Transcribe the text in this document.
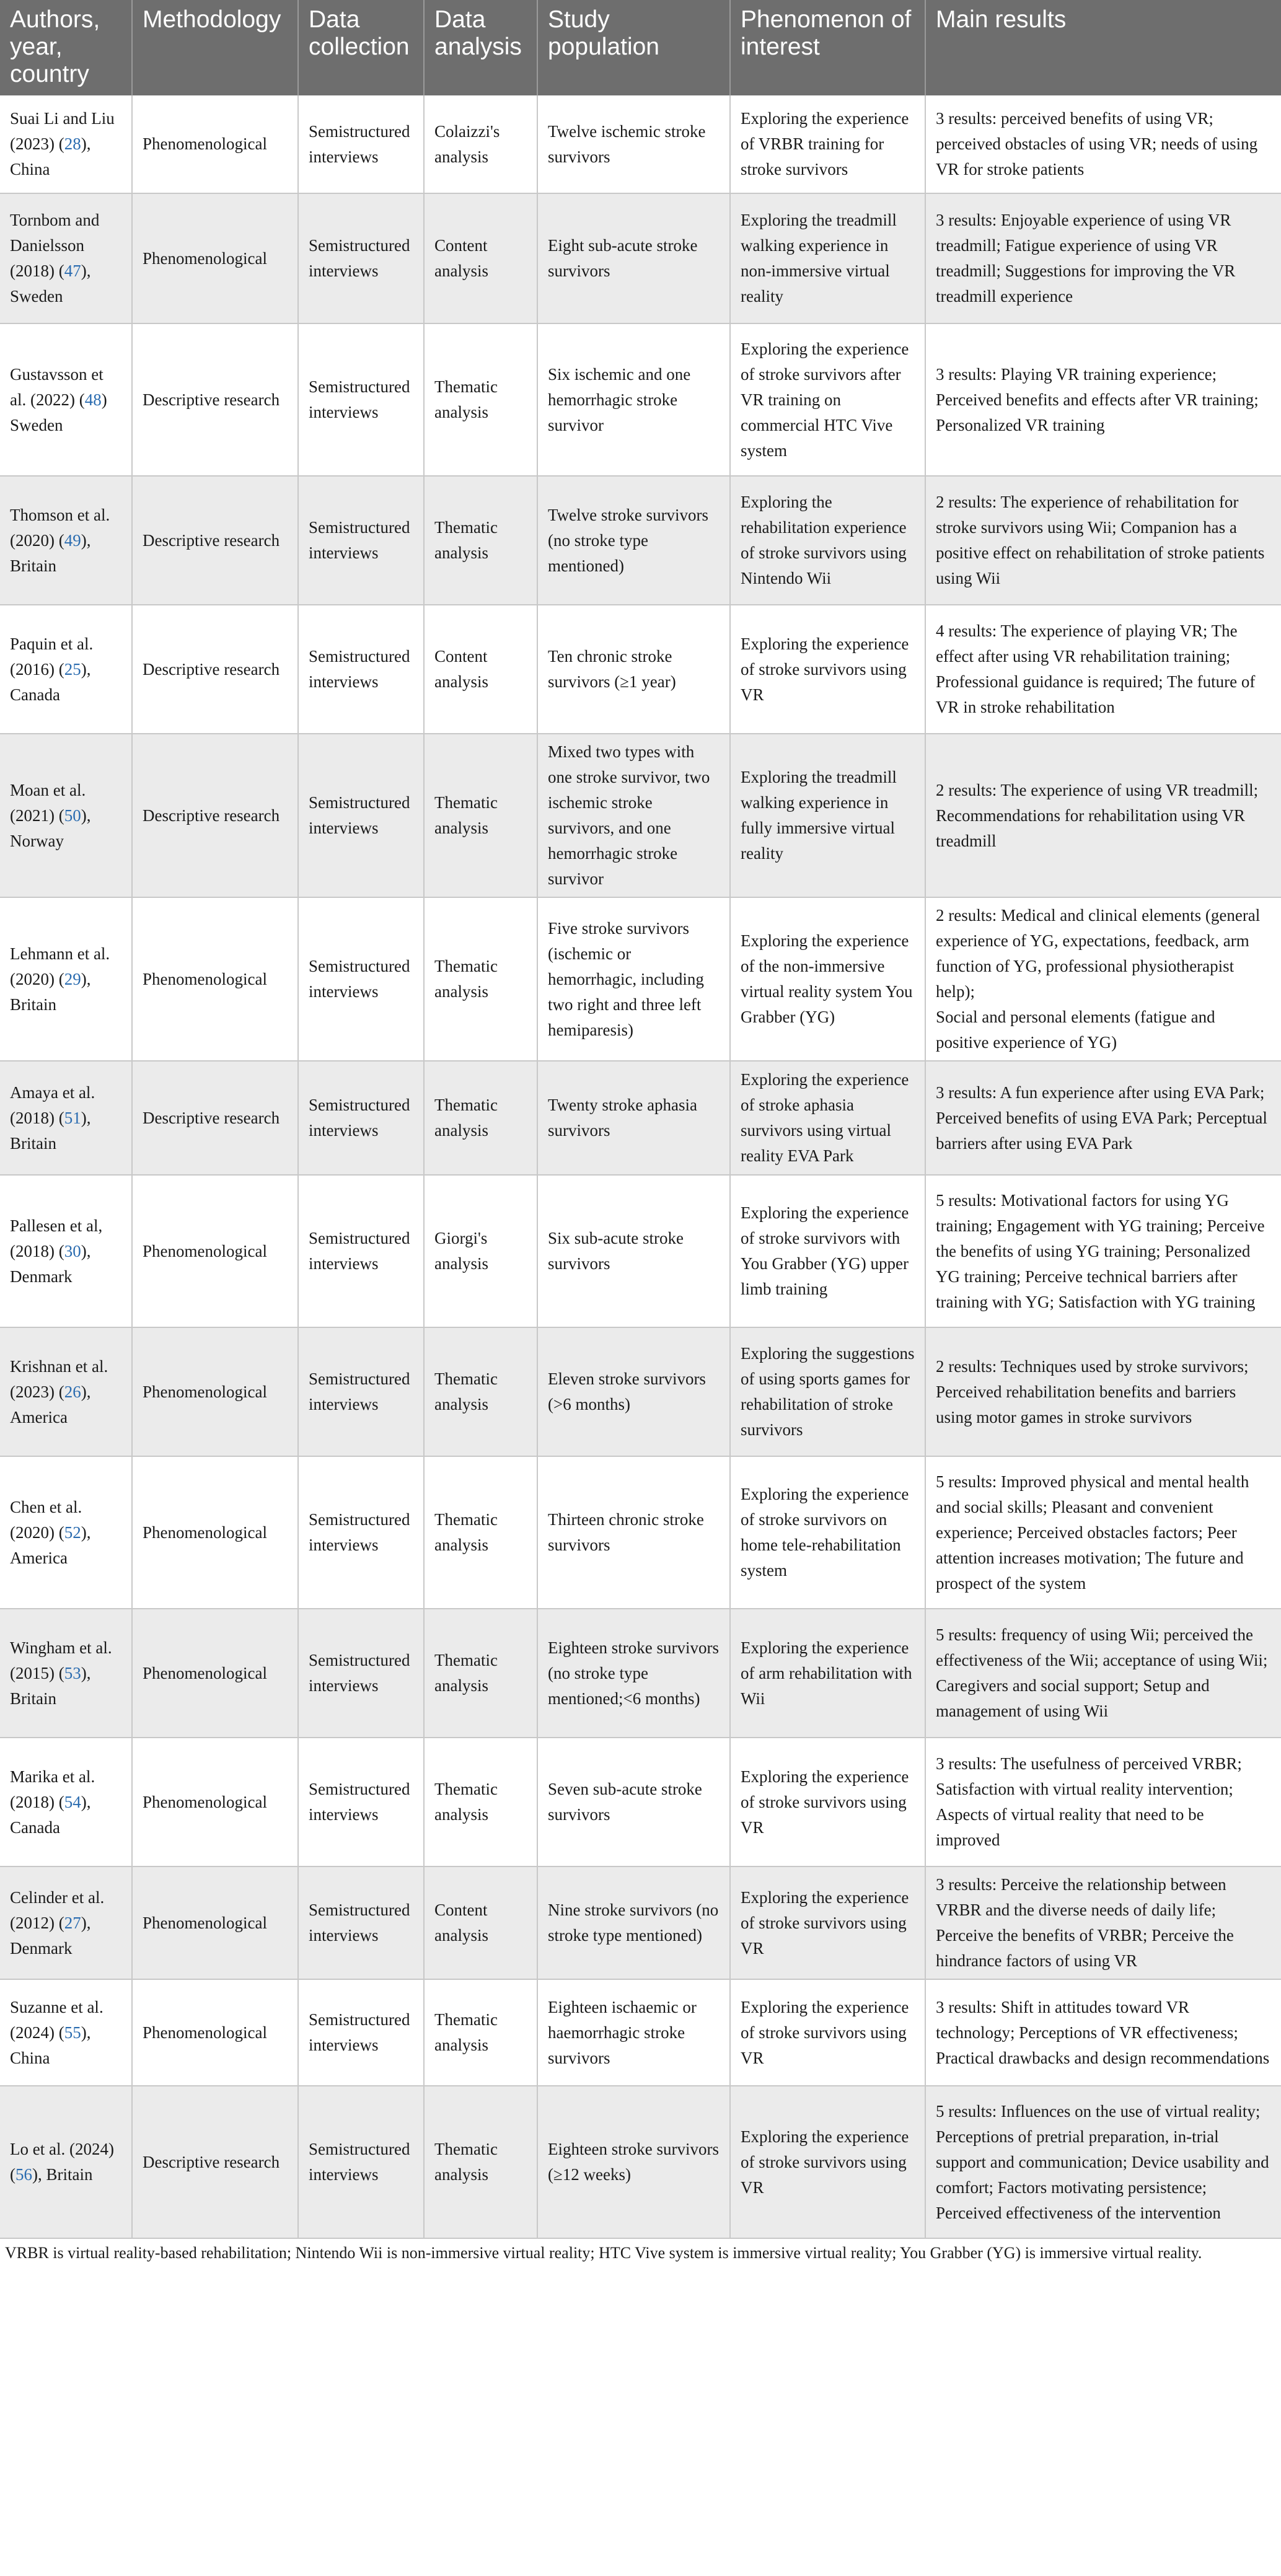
Authors, year, country	Methodology	Data collection	Data analysis	Study population	Phenomenon of interest	Main results
Suai Li and Liu (2023) (28), China	Phenomenological	Semistructured interviews	Colaizzi's analysis	Twelve ischemic stroke survivors	Exploring the experience of VRBR training for stroke survivors	3 results: perceived benefits of using VR; perceived obstacles of using VR; needs of using VR for stroke patients
Tornbom and Danielsson (2018) (47), Sweden	Phenomenological	Semistructured interviews	Content analysis	Eight sub-acute stroke survivors	Exploring the treadmill walking experience in non-immersive virtual reality	3 results: Enjoyable experience of using VR treadmill; Fatigue experience of using VR treadmill; Suggestions for improving the VR treadmill experience
Gustavsson et al. (2022) (48) Sweden	Descriptive research	Semistructured interviews	Thematic analysis	Six ischemic and one hemorrhagic stroke survivor	Exploring the experience of stroke survivors after VR training on commercial HTC Vive system	3 results: Playing VR training experience; Perceived benefits and effects after VR training; Personalized VR training
Thomson et al. (2020) (49), Britain	Descriptive research	Semistructured interviews	Thematic analysis	Twelve stroke survivors (no stroke type mentioned)	Exploring the rehabilitation experience of stroke survivors using Nintendo Wii	2 results: The experience of rehabilitation for stroke survivors using Wii; Companion has a positive effect on rehabilitation of stroke patients using Wii
Paquin et al. (2016) (25), Canada	Descriptive research	Semistructured interviews	Content analysis	Ten chronic stroke survivors (≥1 year)	Exploring the experience of stroke survivors using VR	4 results: The experience of playing VR; The effect after using VR rehabilitation training; Professional guidance is required; The future of VR in stroke rehabilitation
Moan et al. (2021) (50), Norway	Descriptive research	Semistructured interviews	Thematic analysis	Mixed two types with one stroke survivor, two ischemic stroke survivors, and one hemorrhagic stroke survivor	Exploring the treadmill walking experience in fully immersive virtual reality	2 results: The experience of using VR treadmill; Recommendations for rehabilitation using VR treadmill
Lehmann et al. (2020) (29), Britain	Phenomenological	Semistructured interviews	Thematic analysis	Five stroke survivors (ischemic or hemorrhagic, including two right and three left hemiparesis)	Exploring the experience of the non-immersive virtual reality system You Grabber (YG)	2 results: Medical and clinical elements (general experience of YG, expectations, feedback, arm function of YG, professional physiotherapist help);
Social and personal elements (fatigue and positive experience of YG)
Amaya et al. (2018) (51), Britain	Descriptive research	Semistructured interviews	Thematic analysis	Twenty stroke aphasia survivors	Exploring the experience of stroke aphasia survivors using virtual reality EVA Park	3 results: A fun experience after using EVA Park; Perceived benefits of using EVA Park; Perceptual barriers after using EVA Park
Pallesen et al, (2018) (30), Denmark	Phenomenological	Semistructured interviews	Giorgi's analysis	Six sub-acute stroke survivors	Exploring the experience of stroke survivors with You Grabber (YG) upper limb training	5 results: Motivational factors for using YG training; Engagement with YG training; Perceive the benefits of using YG training; Personalized YG training; Perceive technical barriers after training with YG; Satisfaction with YG training
Krishnan et al. (2023) (26), America	Phenomenological	Semistructured interviews	Thematic analysis	Eleven stroke survivors (>6 months)	Exploring the suggestions of using sports games for rehabilitation of stroke survivors	2 results: Techniques used by stroke survivors; Perceived rehabilitation benefits and barriers using motor games in stroke survivors
Chen et al. (2020) (52), America	Phenomenological	Semistructured interviews	Thematic analysis	Thirteen chronic stroke survivors	Exploring the experience of stroke survivors on home tele-rehabilitation system	5 results: Improved physical and mental health and social skills; Pleasant and convenient experience; Perceived obstacles factors; Peer attention increases motivation; The future and prospect of the system
Wingham et al. (2015) (53), Britain	Phenomenological	Semistructured interviews	Thematic analysis	Eighteen stroke survivors (no stroke type mentioned;<6 months)	Exploring the experience of arm rehabilitation with Wii	5 results: frequency of using Wii; perceived the effectiveness of the Wii; acceptance of using Wii; Caregivers and social support; Setup and management of using Wii
Marika et al. (2018) (54), Canada	Phenomenological	Semistructured interviews	Thematic analysis	Seven sub-acute stroke survivors	Exploring the experience of stroke survivors using VR	3 results: The usefulness of perceived VRBR; Satisfaction with virtual reality intervention; Aspects of virtual reality that need to be improved
Celinder et al. (2012) (27), Denmark	Phenomenological	Semistructured interviews	Content analysis	Nine stroke survivors (no stroke type mentioned)	Exploring the experience of stroke survivors using VR	3 results: Perceive the relationship between VRBR and the diverse needs of daily life; Perceive the benefits of VRBR; Perceive the hindrance factors of using VR
Suzanne et al. (2024) (55), China	Phenomenological	Semistructured interviews	Thematic analysis	Eighteen ischaemic or haemorrhagic stroke survivors	Exploring the experience of stroke survivors using VR	3 results: Shift in attitudes toward VR technology; Perceptions of VR effectiveness; Practical drawbacks and design recommendations
Lo et al. (2024) (56), Britain	Descriptive research	Semistructured interviews	Thematic analysis	Eighteen stroke survivors (≥12 weeks)	Exploring the experience of stroke survivors using VR	5 results: Influences on the use of virtual reality; Perceptions of pretrial preparation, in-trial support and communication; Device usability and comfort; Factors motivating persistence; Perceived effectiveness of the intervention
VRBR is virtual reality-based rehabilitation; Nintendo Wii is non-immersive virtual reality; HTC Vive system is immersive virtual reality; You Grabber (YG) is immersive virtual reality.
